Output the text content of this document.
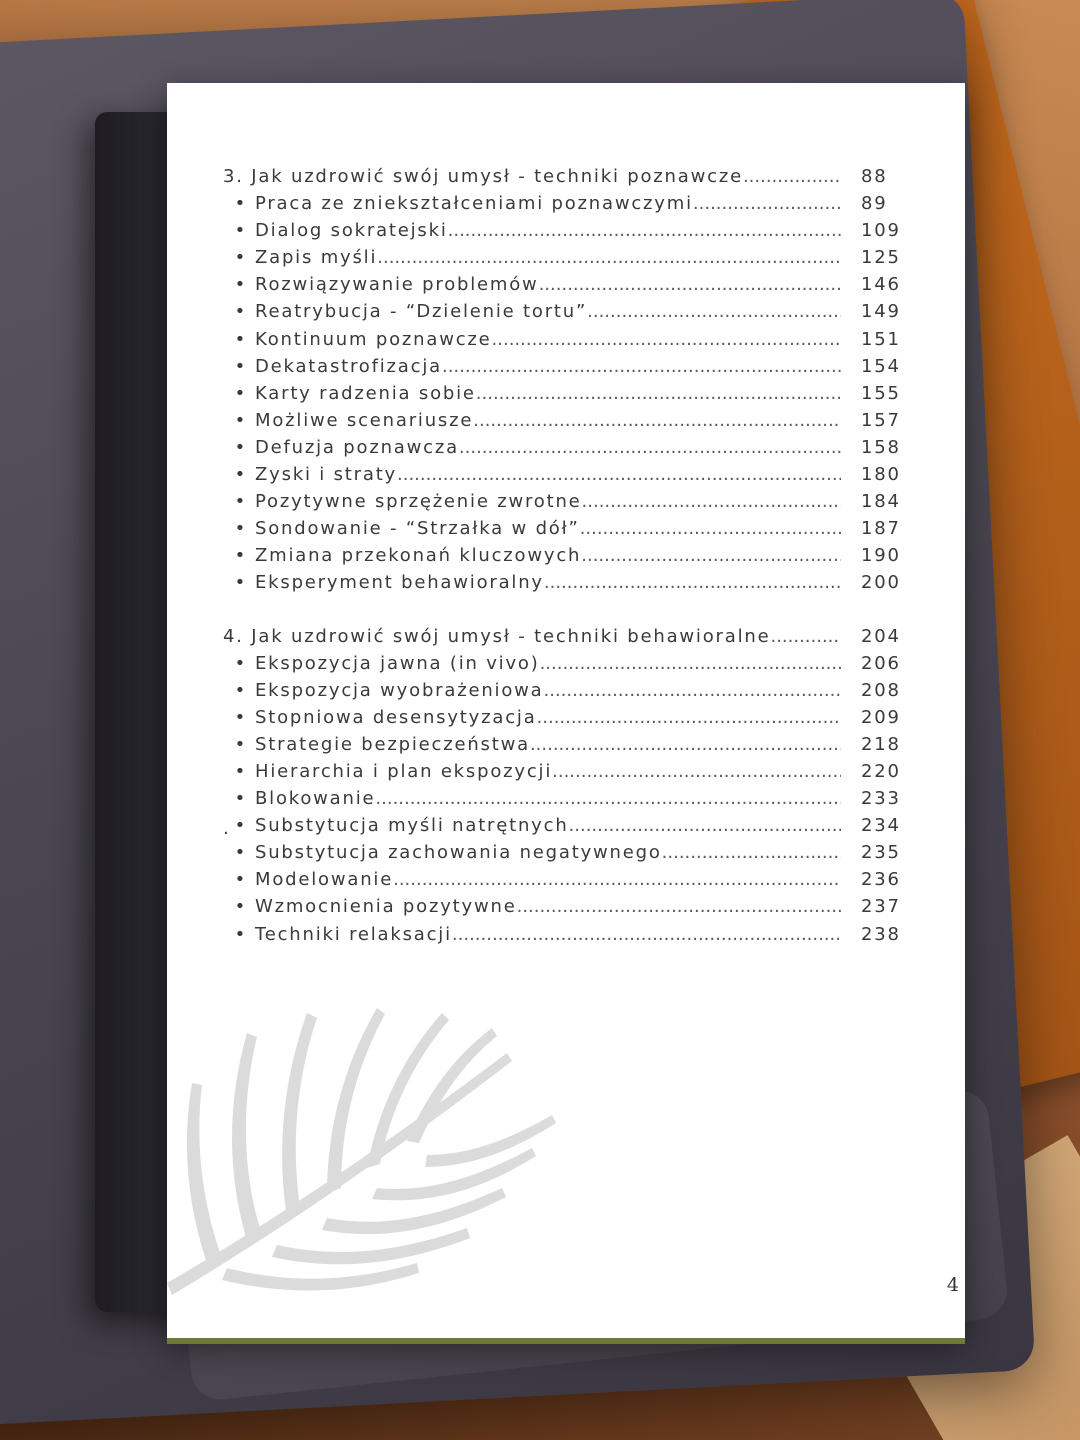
3. Jak uzdrowić swój umysł - techniki poznawcze .....	88
• Praca ze zniekształceniami poznawczymi .....	89
• Dialog sokratejski .....	109
• Zapis myśli .....	125
• Rozwiązywanie problemów .....	146
• Reatrybucja - “Dzielenie tortu” .....	149
• Kontinuum poznawcze .....	151
• Dekatastrofizacja .....	154
• Karty radzenia sobie .....	155
• Możliwe scenariusze .....	157
• Defuzja poznawcza .....	158
• Zyski i straty .....	180
• Pozytywne sprzężenie zwrotne .....	184
• Sondowanie - “Strzałka w dół” .....	187
• Zmiana przekonań kluczowych .....	190
• Eksperyment behawioralny .....	200
4. Jak uzdrowić swój umysł - techniki behawioralne .....	204
• Ekspozycja jawna (in vivo) .....	206
• Ekspozycja wyobrażeniowa .....	208
• Stopniowa desensytyzacja .....	209
• Strategie bezpieczeństwa .....	218
• Hierarchia i plan ekspozycji .....	220
• Blokowanie .....	233
• Substytucja myśli natrętnych .....	234
• Substytucja zachowania negatywnego .....	235
• Modelowanie .....	236
• Wzmocnienia pozytywne .....	237
• Techniki relaksacji .....	238
.
4
